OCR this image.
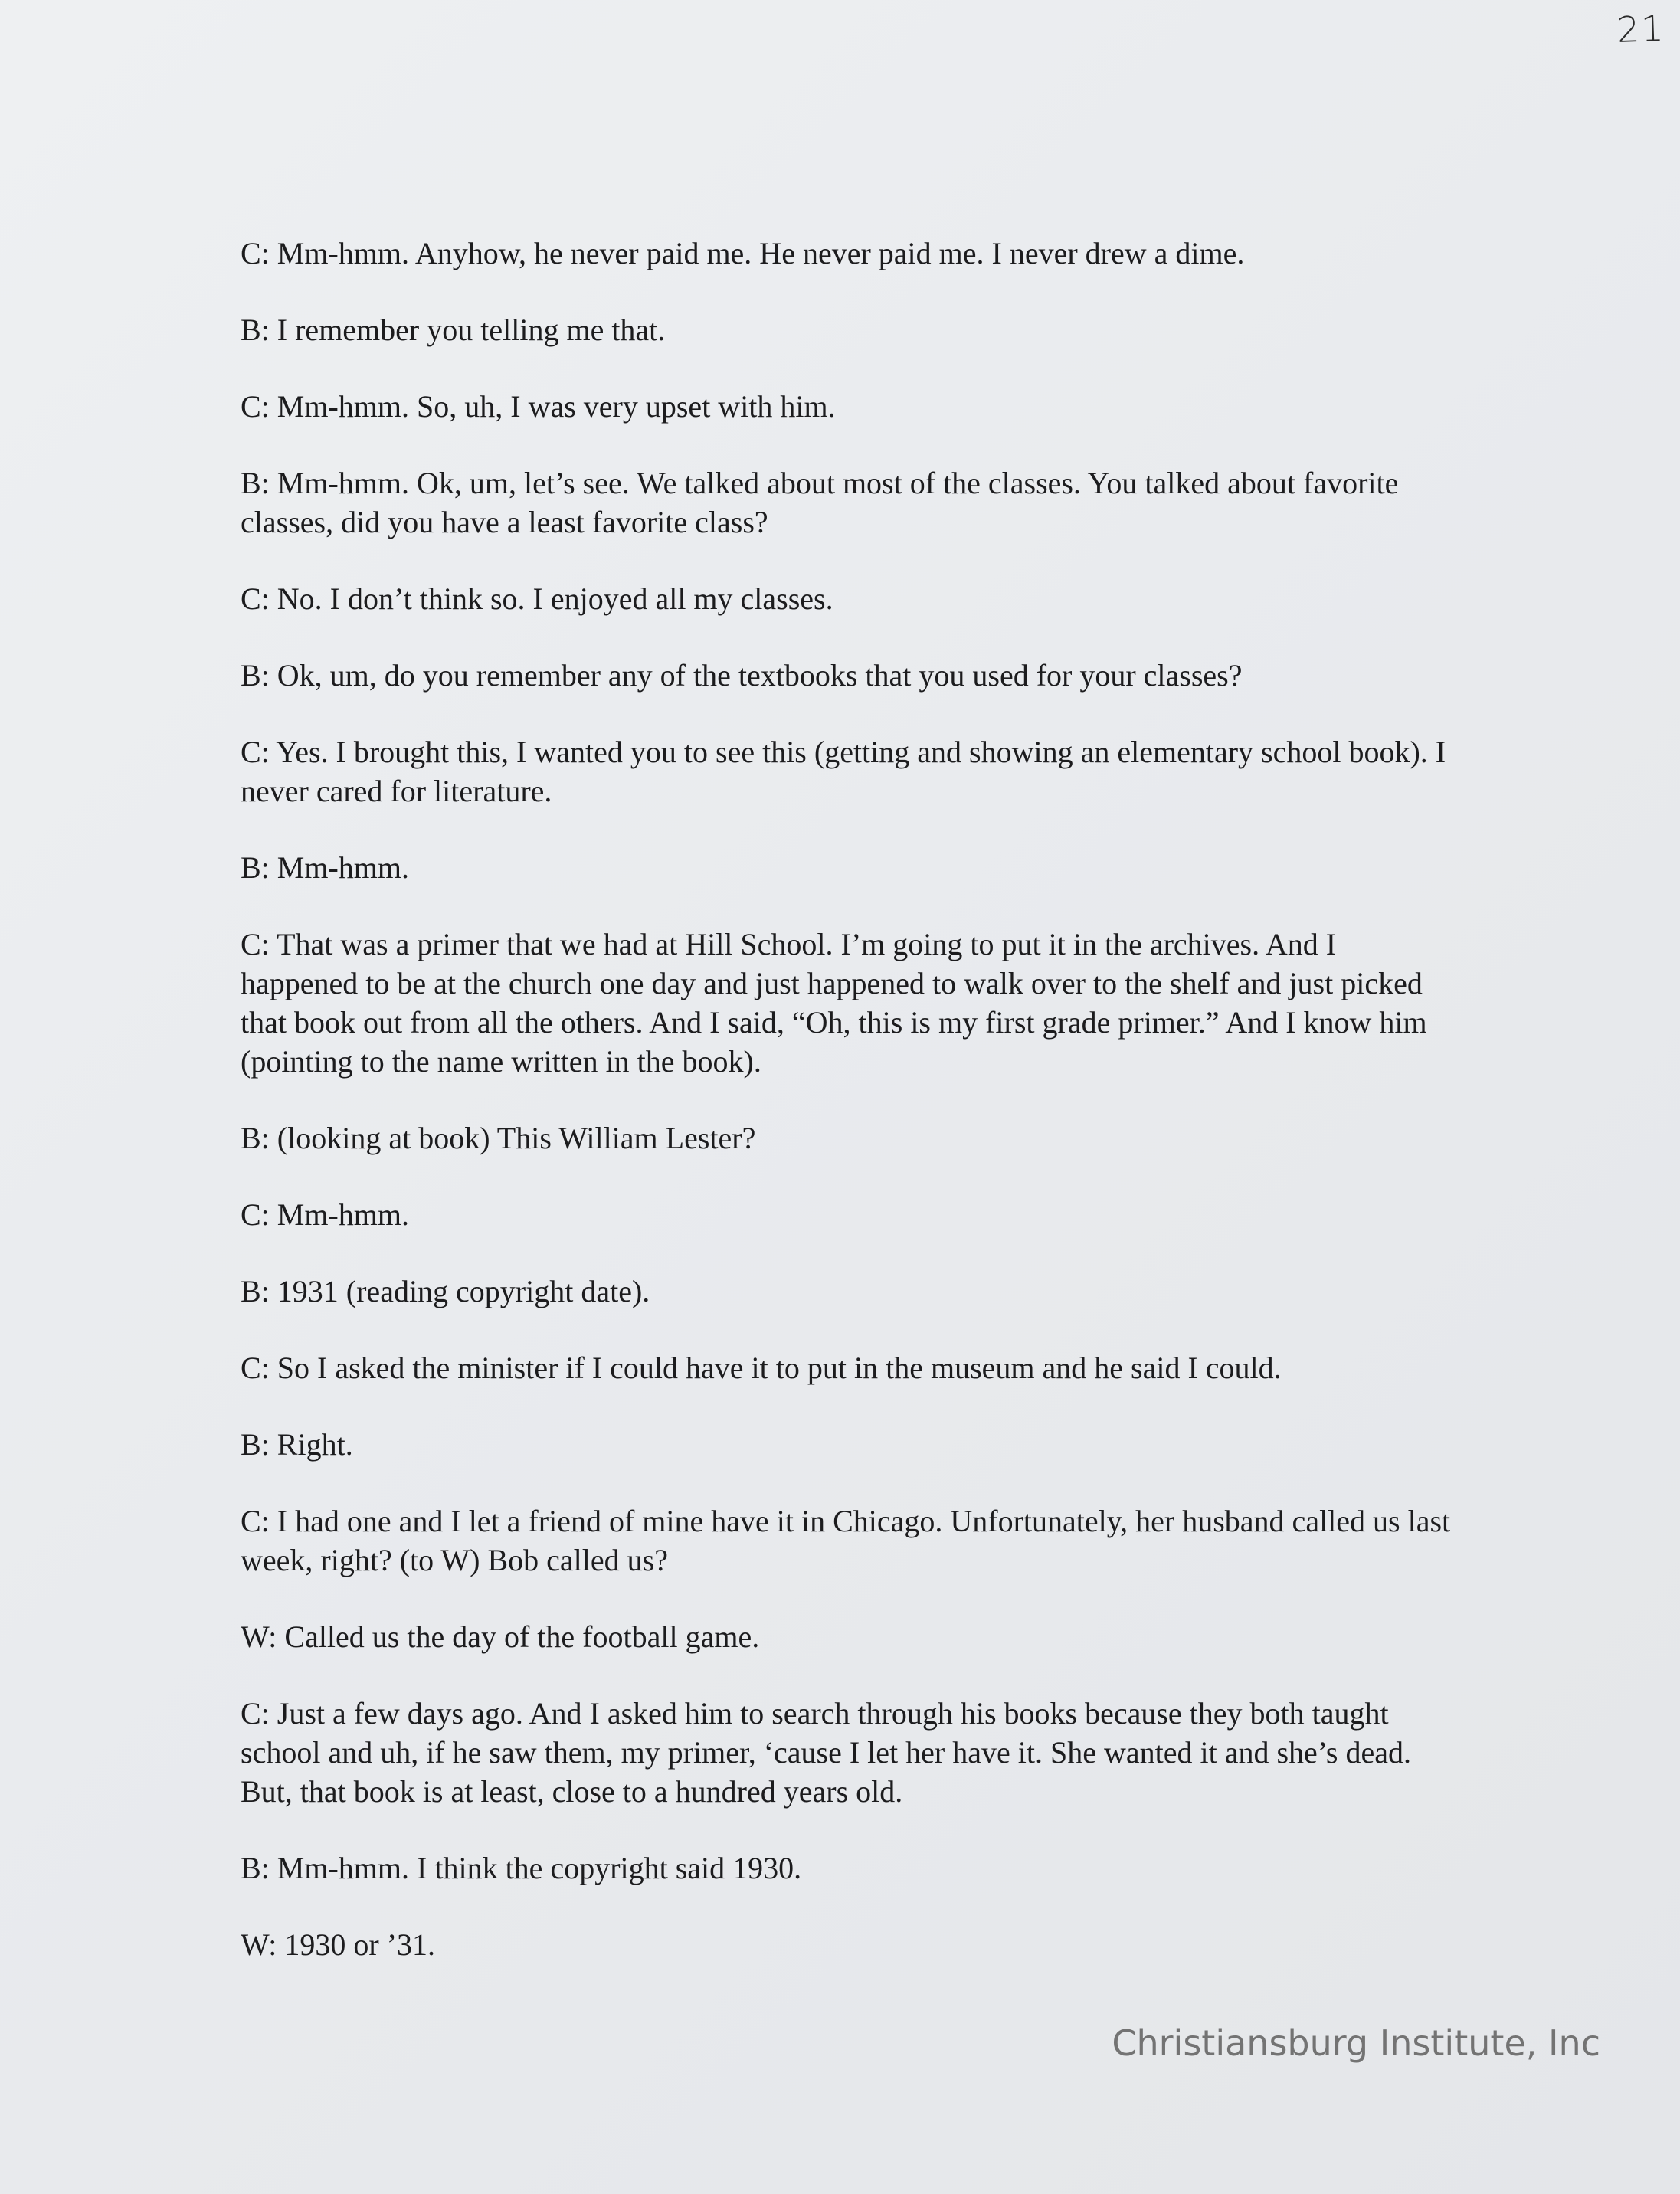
21
C: Mm-hmm. Anyhow, he never paid me. He never paid me. I never drew a dime.
B: I remember you telling me that.
C: Mm-hmm. So, uh, I was very upset with him.
B: Mm-hmm. Ok, um, let’s see. We talked about most of the classes. You talked about favorite classes, did you have a least favorite class?
C: No. I don’t think so. I enjoyed all my classes.
B: Ok, um, do you remember any of the textbooks that you used for your classes?
C: Yes. I brought this, I wanted you to see this (getting and showing an elementary school book). I never cared for literature.
B: Mm-hmm.
C: That was a primer that we had at Hill School. I’m going to put it in the archives. And I happened to be at the church one day and just happened to walk over to the shelf and just picked that book out from all the others. And I said, “Oh, this is my first grade primer.” And I know him (pointing to the name written in the book).
B: (looking at book) This William Lester?
C: Mm-hmm.
B: 1931 (reading copyright date).
C: So I asked the minister if I could have it to put in the museum and he said I could.
B: Right.
C: I had one and I let a friend of mine have it in Chicago. Unfortunately, her husband called us last week, right? (to W) Bob called us?
W: Called us the day of the football game.
C: Just a few days ago. And I asked him to search through his books because they both taught school and uh, if he saw them, my primer, ‘cause I let her have it. She wanted it and she’s dead. But, that book is at least, close to a hundred years old.
B: Mm-hmm. I think the copyright said 1930.
W: 1930 or ’31.
Christiansburg Institute, Inc
